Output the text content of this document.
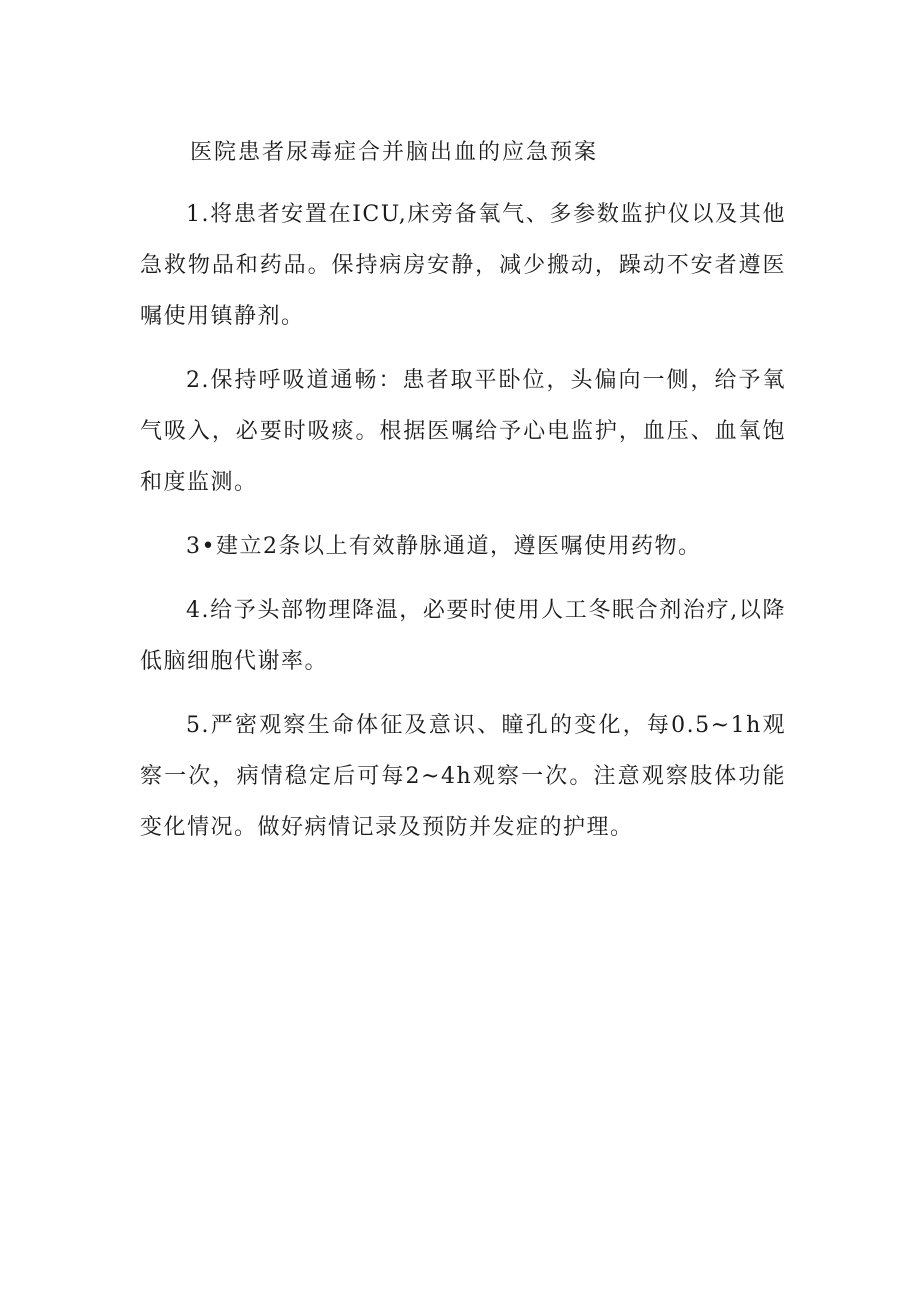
医院患者尿毒症合并脑出血的应急预案

1.将患者安置在ICU,床旁备氧气、多参数监护仪以及其他急救物品和药品。保持病房安静，减少搬动，躁动不安者遵医嘱使用镇静剂。

2.保持呼吸道通畅：患者取平卧位，头偏向一侧，给予氧气吸入，必要时吸痰。根据医嘱给予心电监护，血压、血氧饱和度监测。

3•建立2条以上有效静脉通道，遵医嘱使用药物。

4.给予头部物理降温，必要时使用人工冬眠合剂治疗,以降低脑细胞代谢率。

5.严密观察生命体征及意识、瞳孔的变化，每0.5~1h观察一次，病情稳定后可每2~4h观察一次。注意观察肢体功能变化情况。做好病情记录及预防并发症的护理。
